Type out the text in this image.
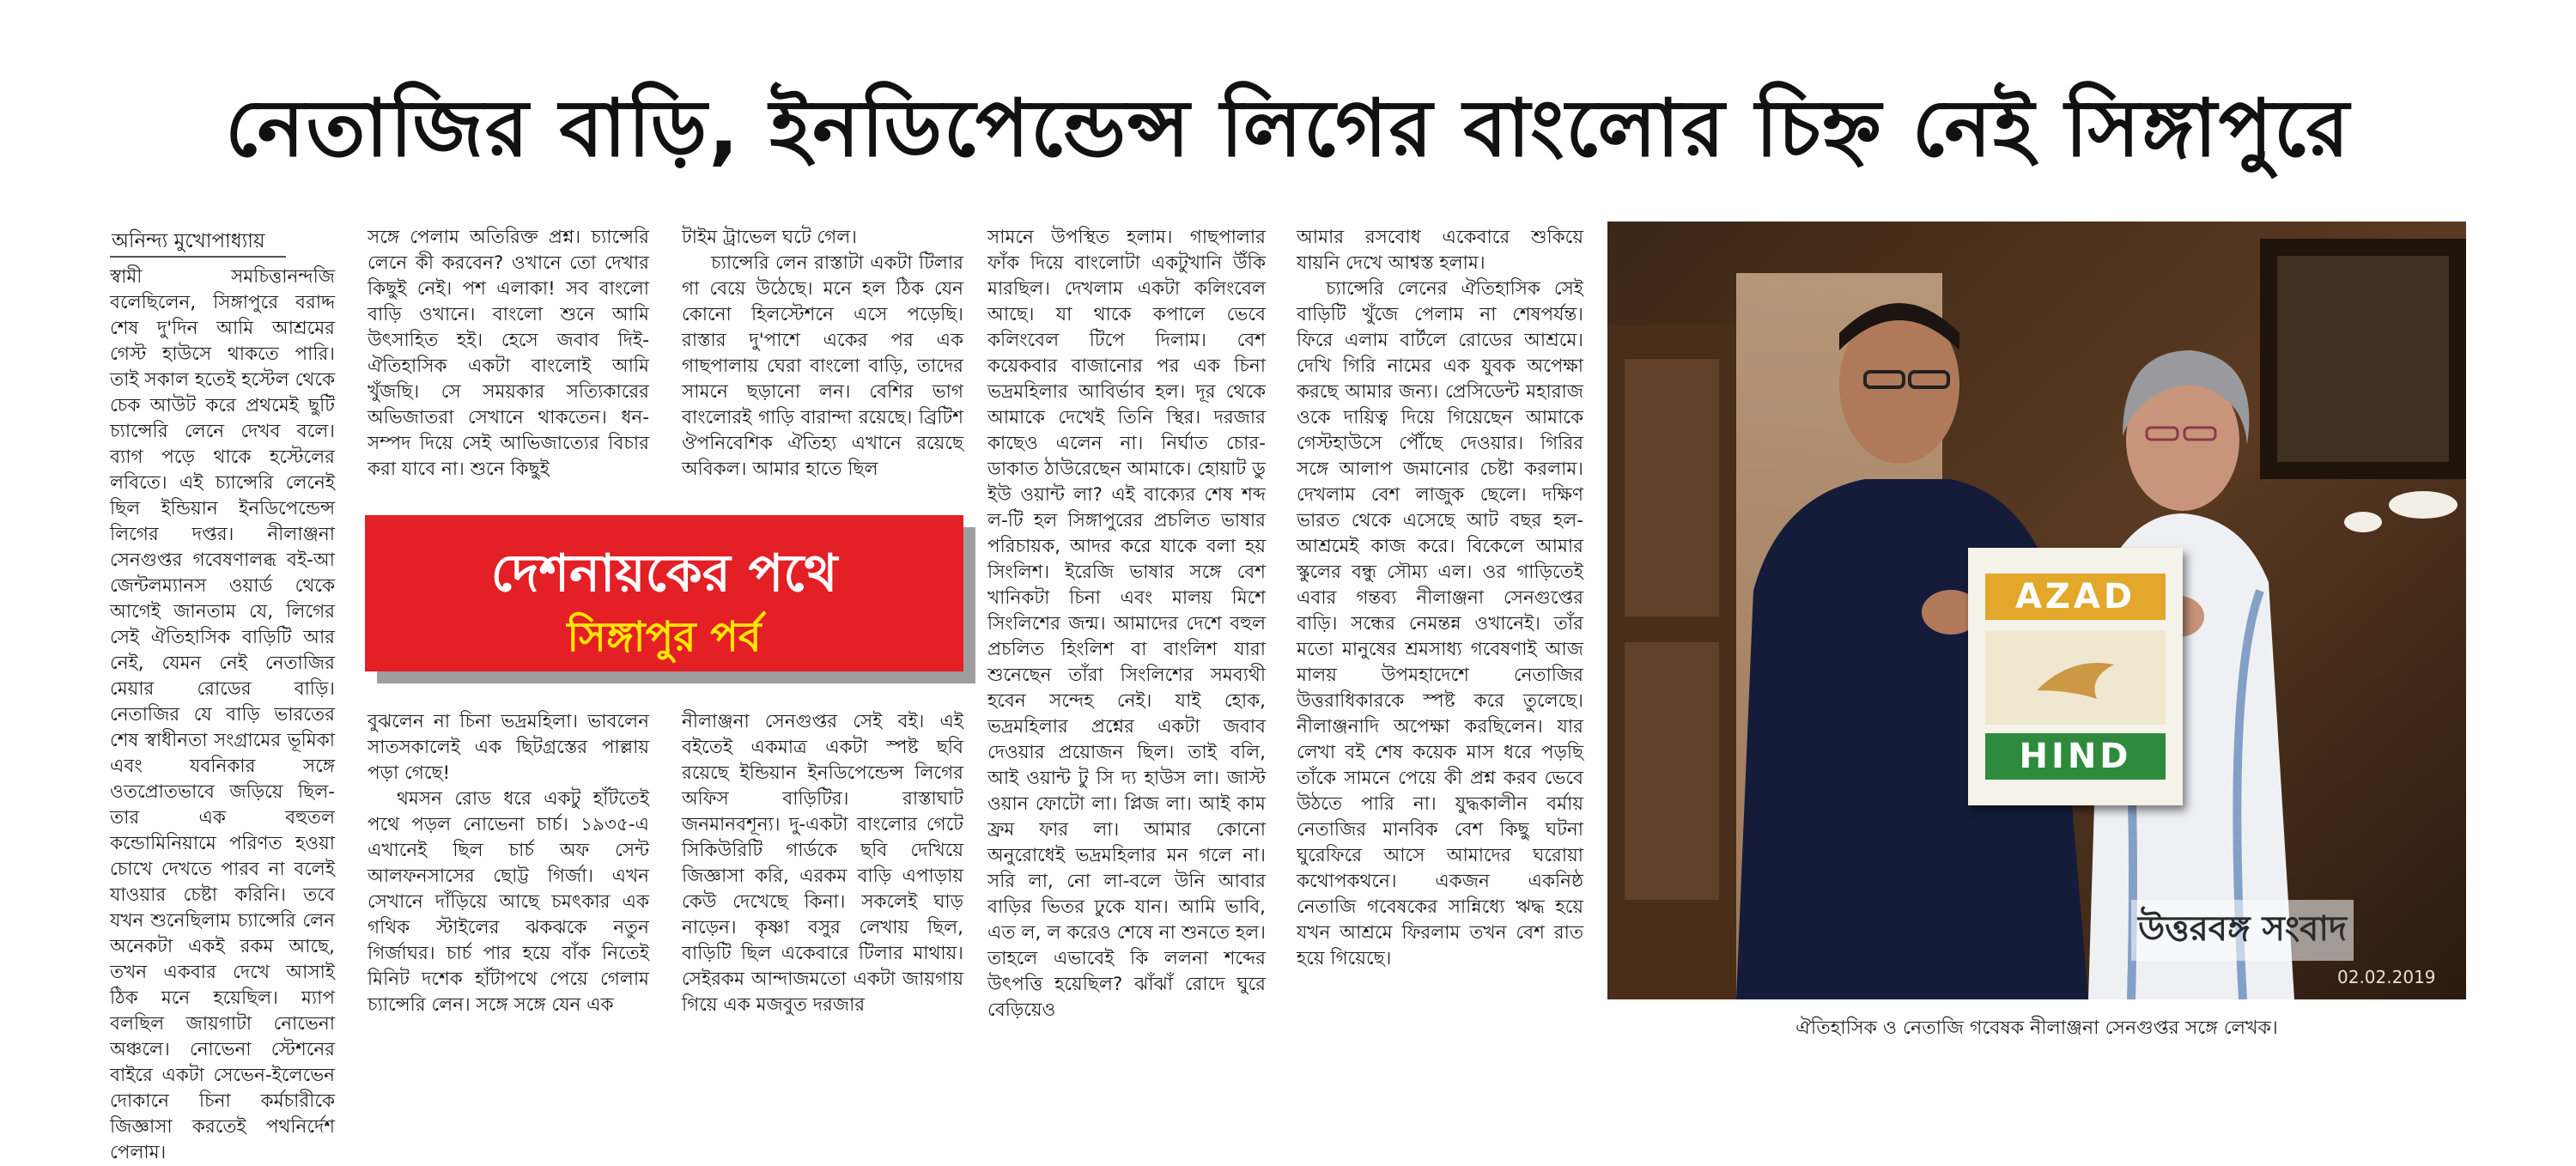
নেতাজির বাড়ি, ইনডিপেন্ডেন্স লিগের বাংলোর চিহ্ন নেই সিঙ্গাপুরে
অনিন্দ্য মুখোপাধ্যায়

স্বামী সমচিত্তানন্দজি বলেছিলেন, সিঙ্গাপুরে বরাদ্দ শেষ দু'দিন আমি আশ্রমের গেস্ট হাউসে থাকতে পারি। তাই সকাল হতেই হস্টেল থেকে চেক আউট করে প্রথমেই ছুটি চ্যান্সেরি লেনে দেখব বলে। ব্যাগ পড়ে থাকে হস্টেলের লবিতে। এই চ্যান্সেরি লেনেই ছিল ইন্ডিয়ান ইনডিপেন্ডেন্স লিগের দপ্তর। নীলাঞ্জনা সেনগুপ্তর গবেষণালব্ধ বই-আ জেন্টলম্যানস ওয়ার্ড থেকে আগেই জানতাম যে, লিগের সেই ঐতিহাসিক বাড়িটি আর নেই, যেমন নেই নেতাজির মেয়ার রোডের বাড়ি। নেতাজির যে বাড়ি ভারতের শেষ স্বাধীনতা সংগ্রামের ভূমিকা এবং যবনিকার সঙ্গে ওতপ্রোতভাবে জড়িয়ে ছিল-তার এক বহুতল কন্ডোমিনিয়ামে পরিণত হওয়া চোখে দেখতে পারব না বলেই যাওয়ার চেষ্টা করিনি। তবে যখন শুনেছিলাম চ্যান্সেরি লেন অনেকটা একই রকম আছে, তখন একবার দেখে আসাই ঠিক মনে হয়েছিল। ম্যাপ বলছিল জায়গাটা নোভেনা অঞ্চলে। নোভেনা স্টেশনের বাইরে একটা সেভেন-ইলেভেন দোকানে চিনা কর্মচারীকে জিজ্ঞাসা করতেই পথনির্দেশ পেলাম।

সঙ্গে পেলাম অতিরিক্ত প্রশ্ন। চ্যান্সেরি লেনে কী করবেন? ওখানে তো দেখার কিছুই নেই। পশ এলাকা! সব বাংলো বাড়ি ওখানে। বাংলো শুনে আমি উৎসাহিত হই। হেসে জবাব দিই- ঐতিহাসিক একটা বাংলোই আমি খুঁজছি। সে সময়কার সত্যিকারের অভিজাতরা সেখানে থাকতেন। ধন-সম্পদ দিয়ে সেই আভিজাত্যের বিচার করা যাবে না। শুনে কিছুই

টাইম ট্রাভেল ঘটে গেল।

চ্যান্সেরি লেন রাস্তাটা একটা টিলার গা বেয়ে উঠেছে। মনে হল ঠিক যেন কোনো হিলস্টেশনে এসে পড়েছি। রাস্তার দু'পাশে একের পর এক গাছপালায় ঘেরা বাংলো বাড়ি, তাদের সামনে ছড়ানো লন। বেশির ভাগ বাংলোরই গাড়ি বারান্দা রয়েছে। ব্রিটিশ ঔপনিবেশিক ঐতিহ্য এখানে রয়েছে অবিকল। আমার হাতে ছিল

দেশনায়কের পথে
সিঙ্গাপুর পর্ব

বুঝলেন না চিনা ভদ্রমহিলা। ভাবলেন সাতসকালেই এক ছিটগ্রস্তের পাল্লায় পড়া গেছে!

থমসন রোড ধরে একটু হাঁটতেই পথে পড়ল নোভেনা চার্চ। ১৯৩৫-এ এখানেই ছিল চার্চ অফ সেন্ট আলফনসাসের ছোট্ট গির্জা। এখন সেখানে দাঁড়িয়ে আছে চমৎকার এক গথিক স্টাইলের ঝকঝকে নতুন গির্জাঘর। চার্চ পার হয়ে বাঁক নিতেই মিনিট দশেক হাঁটাপথে পেয়ে গেলাম চ্যান্সেরি লেন। সঙ্গে সঙ্গে যেন এক

নীলাঞ্জনা সেনগুপ্তর সেই বই। এই বইতেই একমাত্র একটা স্পষ্ট ছবি রয়েছে ইন্ডিয়ান ইনডিপেন্ডেন্স লিগের অফিস বাড়িটির। রাস্তাঘাট জনমানবশূন্য। দু-একটা বাংলোর গেটে সিকিউরিটি গার্ডকে ছবি দেখিয়ে জিজ্ঞাসা করি, এরকম বাড়ি এপাড়ায় কেউ দেখেছে কিনা। সকলেই ঘাড় নাড়েন। কৃষ্ণা বসুর লেখায় ছিল, বাড়িটি ছিল একেবারে টিলার মাথায়। সেইরকম আন্দাজমতো একটা জায়গায় গিয়ে এক মজবুত দরজার

সামনে উপস্থিত হলাম। গাছপালার ফাঁক দিয়ে বাংলোটা একটুখানি উঁকি মারছিল। দেখলাম একটা কলিংবেল আছে। যা থাকে কপালে ভেবে কলিংবেল টিপে দিলাম। বেশ কয়েকবার বাজানোর পর এক চিনা ভদ্রমহিলার আবির্ভাব হল। দূর থেকে আমাকে দেখেই তিনি স্থির। দরজার কাছেও এলেন না। নির্ঘাত চোর-ডাকাত ঠাউরেছেন আমাকে। হোয়াট ডু ইউ ওয়ান্ট লা? এই বাক্যের শেষ শব্দ ল-টি হল সিঙ্গাপুরের প্রচলিত ভাষার পরিচায়ক, আদর করে যাকে বলা হয় সিংলিশ। ইরেজি ভাষার সঙ্গে বেশ খানিকটা চিনা এবং মালয় মিশে সিংলিশের জন্ম। আমাদের দেশে বহুল প্রচলিত হিংলিশ বা বাংলিশ যারা শুনেছেন তাঁরা সিংলিশের সমব্যথী হবেন সন্দেহ নেই। যাই হোক, ভদ্রমহিলার প্রশ্নের একটা জবাব দেওয়ার প্রয়োজন ছিল। তাই বলি, আই ওয়ান্ট টু সি দ্য হাউস লা। জাস্ট ওয়ান ফোটো লা। প্লিজ লা। আই কাম ফ্রম ফার লা। আমার কোনো অনুরোধেই ভদ্রমহিলার মন গলে না। সরি লা, নো লা-বলে উনি আবার বাড়ির ভিতর ঢুকে যান। আমি ভাবি, এত ল, ল করেও শেষে না শুনতে হল। তাহলে এভাবেই কি ললনা শব্দের উৎপত্তি হয়েছিল? ঝাঁঝাঁ রোদে ঘুরে বেড়িয়েও

আমার রসবোধ একেবারে শুকিয়ে যায়নি দেখে আশ্বস্ত হলাম।

চ্যান্সেরি লেনের ঐতিহাসিক সেই বাড়িটি খুঁজে পেলাম না শেষপর্যন্ত। ফিরে এলাম বার্টলে রোডের আশ্রমে। দেখি গিরি নামের এক যুবক অপেক্ষা করছে আমার জন্য। প্রেসিডেন্ট মহারাজ ওকে দায়িত্ব দিয়ে গিয়েছেন আমাকে গেস্টহাউসে পৌঁছে দেওয়ার। গিরির সঙ্গে আলাপ জমানোর চেষ্টা করলাম। দেখলাম বেশ লাজুক ছেলে। দক্ষিণ ভারত থেকে এসেছে আট বছর হল- আশ্রমেই কাজ করে। বিকেলে আমার স্কুলের বন্ধু সৌম্য এল। ওর গাড়িতেই এবার গন্তব্য নীলাঞ্জনা সেনগুপ্তের বাড়ি। সন্ধের নেমন্তন্ন ওখানেই। তাঁর মতো মানুষের শ্রমসাধ্য গবেষণাই আজ মালয় উপমহাদেশে নেতাজির উত্তরাধিকারকে স্পষ্ট করে তুলেছে। নীলাঞ্জনাদি অপেক্ষা করছিলেন। যার লেখা বই শেষ কয়েক মাস ধরে পড়ছি তাঁকে সামনে পেয়ে কী প্রশ্ন করব ভেবে উঠতে পারি না। যুদ্ধকালীন বর্মায় নেতাজির মানবিক বেশ কিছু ঘটনা ঘুরেফিরে আসে আমাদের ঘরোয়া কথোপকথনে। একজন একনিষ্ঠ নেতাজি গবেষকের সান্নিধ্যে ঋদ্ধ হয়ে যখন আশ্রমে ফিরলাম তখন বেশ রাত হয়ে গিয়েছে।

AZAD
HIND
উত্তরবঙ্গ সংবাদ
02.02.2019
ঐতিহাসিক ও নেতাজি গবেষক নীলাঞ্জনা সেনগুপ্তর সঙ্গে লেখক।
